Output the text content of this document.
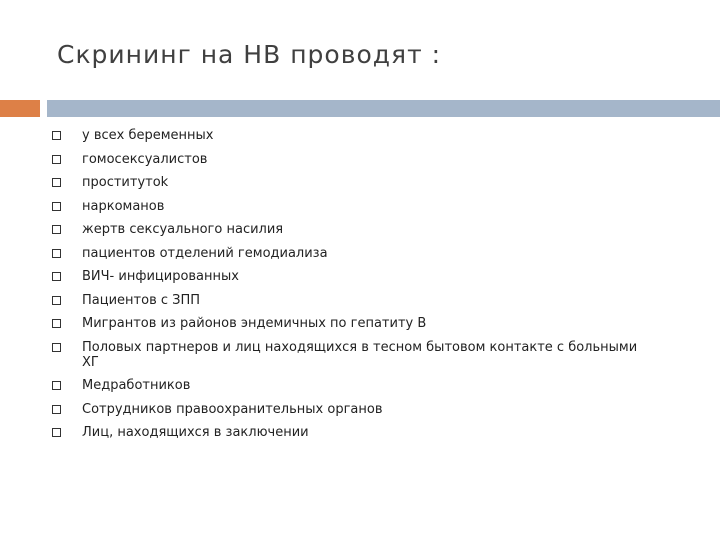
Скрининг на НВ проводят :
у всех беременных
гомосексуалистов
проститутоk
наркоманов
жертв сексуального насилия
пациентов отделений гемодиализа
ВИЧ- инфицированных
Пациентов с ЗПП
Мигрантов из районов эндемичных по гепатиту В
Половых партнеров и лиц находящихся в тесном бытовом контакте с больными ХГ
Медработников
Сотрудников правоохранительных органов
Лиц, находящихся в заключении
